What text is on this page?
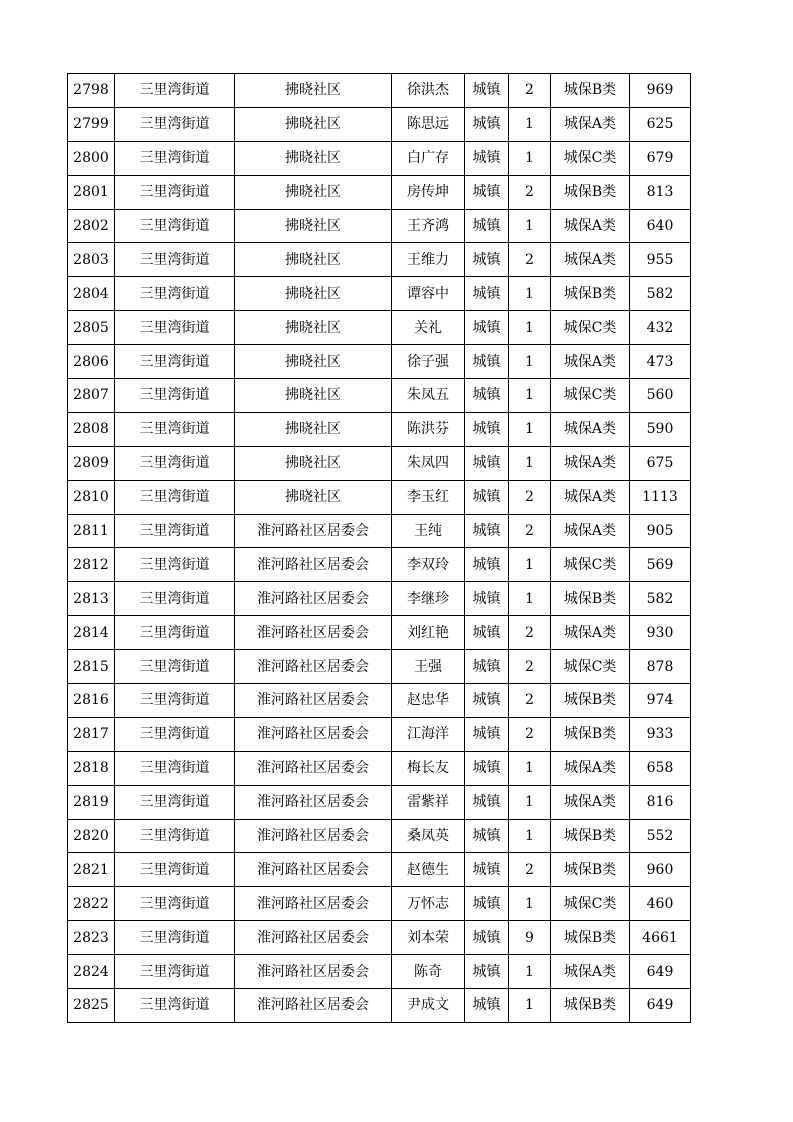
2798	三里湾街道	拂晓社区	徐洪杰	城镇	2	城保B类	969
2799	三里湾街道	拂晓社区	陈思远	城镇	1	城保A类	625
2800	三里湾街道	拂晓社区	白广存	城镇	1	城保C类	679
2801	三里湾街道	拂晓社区	房传坤	城镇	2	城保B类	813
2802	三里湾街道	拂晓社区	王齐鸿	城镇	1	城保A类	640
2803	三里湾街道	拂晓社区	王维力	城镇	2	城保A类	955
2804	三里湾街道	拂晓社区	谭容中	城镇	1	城保B类	582
2805	三里湾街道	拂晓社区	关礼	城镇	1	城保C类	432
2806	三里湾街道	拂晓社区	徐子强	城镇	1	城保A类	473
2807	三里湾街道	拂晓社区	朱凤五	城镇	1	城保C类	560
2808	三里湾街道	拂晓社区	陈洪芬	城镇	1	城保A类	590
2809	三里湾街道	拂晓社区	朱凤四	城镇	1	城保A类	675
2810	三里湾街道	拂晓社区	李玉红	城镇	2	城保A类	1113
2811	三里湾街道	淮河路社区居委会	王纯	城镇	2	城保A类	905
2812	三里湾街道	淮河路社区居委会	李双玲	城镇	1	城保C类	569
2813	三里湾街道	淮河路社区居委会	李继珍	城镇	1	城保B类	582
2814	三里湾街道	淮河路社区居委会	刘红艳	城镇	2	城保A类	930
2815	三里湾街道	淮河路社区居委会	王强	城镇	2	城保C类	878
2816	三里湾街道	淮河路社区居委会	赵忠华	城镇	2	城保B类	974
2817	三里湾街道	淮河路社区居委会	江海洋	城镇	2	城保B类	933
2818	三里湾街道	淮河路社区居委会	梅长友	城镇	1	城保A类	658
2819	三里湾街道	淮河路社区居委会	雷紫祥	城镇	1	城保A类	816
2820	三里湾街道	淮河路社区居委会	桑凤英	城镇	1	城保B类	552
2821	三里湾街道	淮河路社区居委会	赵德生	城镇	2	城保B类	960
2822	三里湾街道	淮河路社区居委会	万怀志	城镇	1	城保C类	460
2823	三里湾街道	淮河路社区居委会	刘本荣	城镇	9	城保B类	4661
2824	三里湾街道	淮河路社区居委会	陈奇	城镇	1	城保A类	649
2825	三里湾街道	淮河路社区居委会	尹成文	城镇	1	城保B类	649
